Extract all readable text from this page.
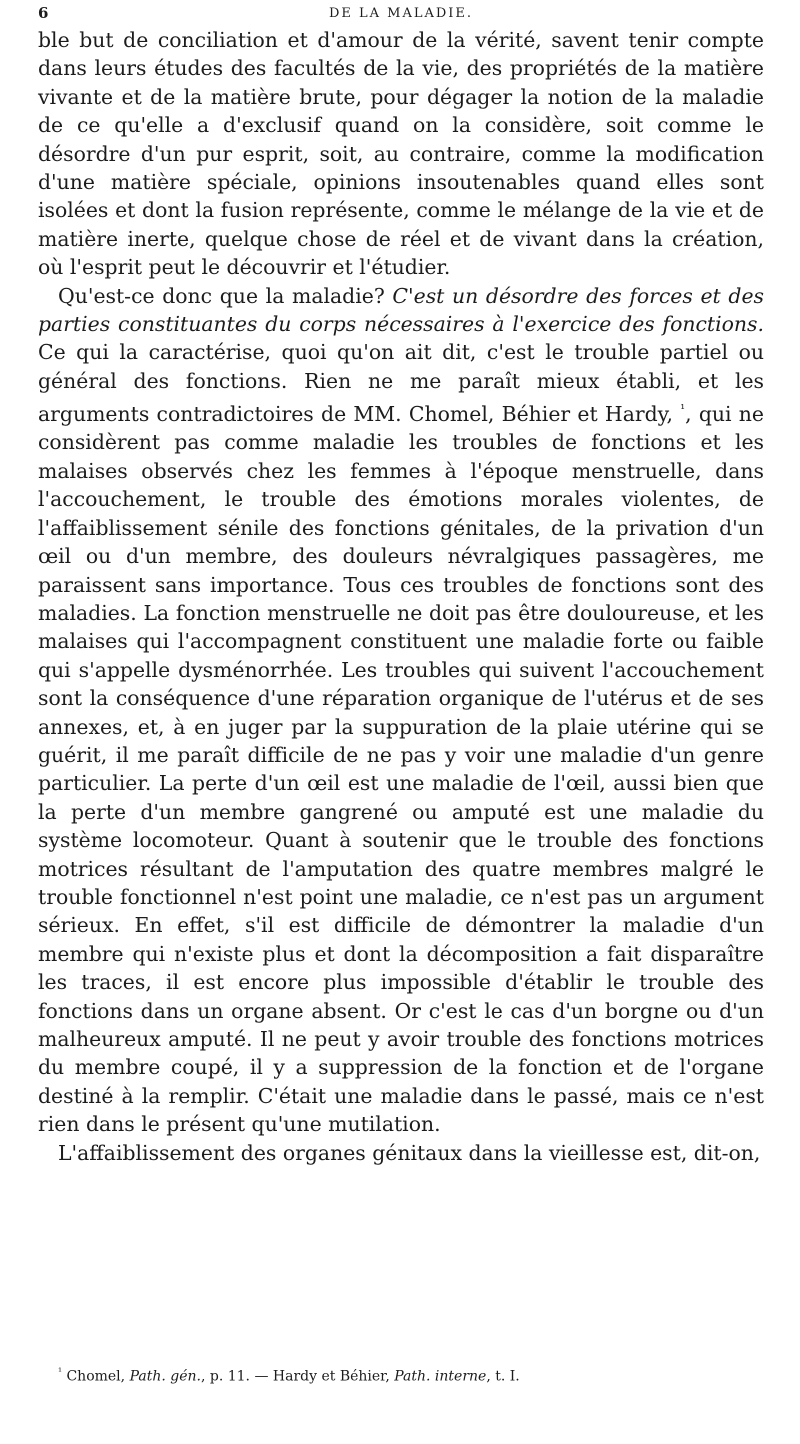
6	DE LA MALADIE.

ble but de conciliation et d'amour de la vérité, savent tenir compte dans leurs études des facultés de la vie, des propriétés de la matière vivante et de la matière brute, pour dégager la notion de la maladie de ce qu'elle a d'exclusif quand on la considère, soit comme le désordre d'un pur esprit, soit, au contraire, comme la modification d'une matière spéciale, opinions insoutenables quand elles sont isolées et dont la fusion représente, comme le mélange de la vie et de matière inerte, quelque chose de réel et de vivant dans la création, où l'esprit peut le découvrir et l'étudier.

Qu'est-ce donc que la maladie? C'est un désordre des forces et des parties constituantes du corps nécessaires à l'exercice des fonctions. Ce qui la caractérise, quoi qu'on ait dit, c'est le trouble partiel ou général des fonctions. Rien ne me paraît mieux établi, et les arguments contradictoires de MM. Chomel, Béhier et Hardy, $^{^1}$, qui ne considèrent pas comme maladie les troubles de fonctions et les malaises observés chez les femmes à l'époque menstruelle, dans l'accouchement, le trouble des émotions morales violentes, de l'affaiblissement sénile des fonctions génitales, de la privation d'un œil ou d'un membre, des douleurs névralgiques passagères, me paraissent sans importance. Tous ces troubles de fonctions sont des maladies. La fonction menstruelle ne doit pas être douloureuse, et les malaises qui l'accompagnent constituent une maladie forte ou faible qui s'appelle dysménorrhée. Les troubles qui suivent l'accouchement sont la conséquence d'une réparation organique de l'utérus et de ses annexes, et, à en juger par la suppuration de la plaie utérine qui se guérit, il me paraît difficile de ne pas y voir une maladie d'un genre particulier. La perte d'un œil est une maladie de l'œil, aussi bien que la perte d'un membre gangrené ou amputé est une maladie du système locomoteur. Quant à soutenir que le trouble des fonctions motrices résultant de l'amputation des quatre membres malgré le trouble fonctionnel n'est point une maladie, ce n'est pas un argument sérieux. En effet, s'il est difficile de démontrer la maladie d'un membre qui n'existe plus et dont la décomposition a fait disparaître les traces, il est encore plus impossible d'établir le trouble des fonctions dans un organe absent. Or c'est le cas d'un borgne ou d'un malheureux amputé. Il ne peut y avoir trouble des fonctions motrices du membre coupé, il y a suppression de la fonction et de l'organe destiné à la remplir. C'était une maladie dans le passé, mais ce n'est rien dans le présent qu'une mutilation.

L'affaiblissement des organes génitaux dans la vieillesse est, dit-on,

$^{^1}$ Chomel, Path. gén., p. 11. — Hardy et Béhier, Path. interne, t. I.
